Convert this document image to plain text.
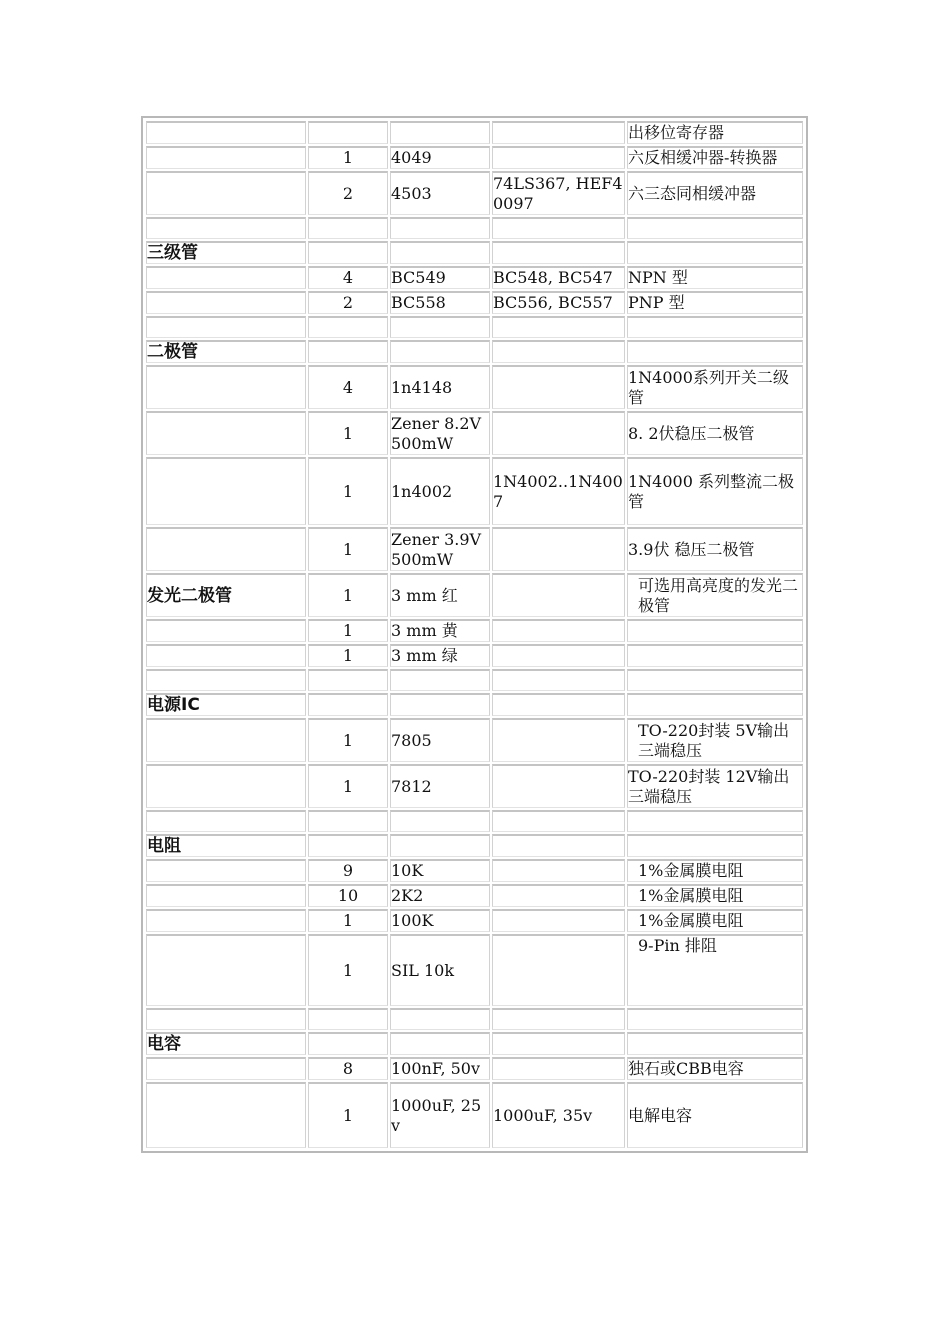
				出移位寄存器
	1	4049		六反相缓冲器-转换器
	2	4503	74LS367, HEF40097	六三态同相缓冲器

三级管				
	4	BC549	BC548, BC547	NPN 型
	2	BC558	BC556, BC557	PNP 型

二极管				
	4	1n4148		1N4000系列开关二级管
	1	Zener 8.2V 500mW		8. 2伏稳压二极管
	1	1n4002	1N4002..1N4007	1N4000 系列整流二极管
	1	Zener 3.9V 500mW		3.9伏 稳压二极管
发光二极管	1	3 mm 红		可选用高亮度的发光二极管
	1	3 mm 黄		
	1	3 mm 绿		

电源IC				
	1	7805		TO-220封装 5V输出三端稳压
	1	7812		TO-220封装 12V输出三端稳压

电阻				
	9	10K		1%金属膜电阻
	10	2K2		1%金属膜电阻
	1	100K		1%金属膜电阻
	1	SIL 10k		9-Pin 排阻

电容				
	8	100nF, 50v		独石或CBB电容
	1	1000uF, 25v	1000uF, 35v	电解电容
